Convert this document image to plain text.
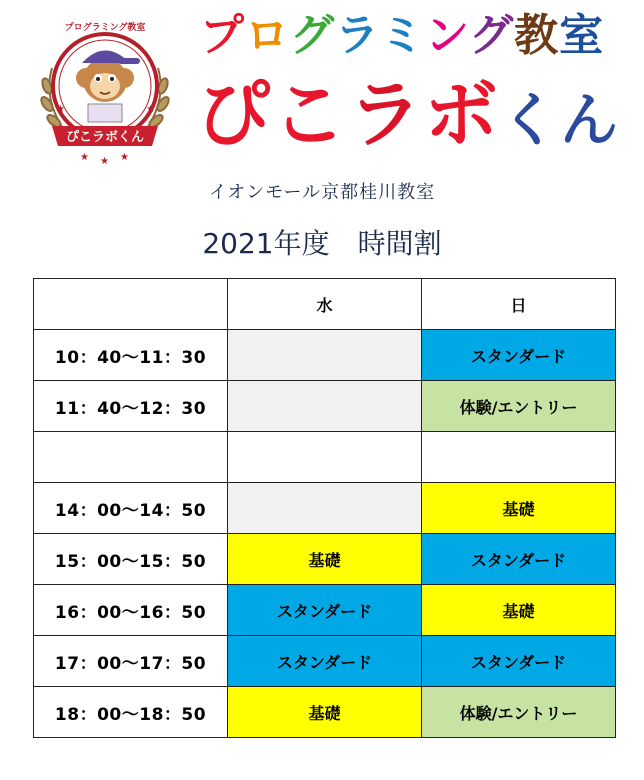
★	★
★
★	★
ぴこラボくん
プログラミング教室 プログラミング教室
ぴこラボくん
イオンモール京都桂川教室
2021年度　時間割
	水	日
10：40～11：30		スタンダード
11：40～12：30		体験/エントリー

14：00～14：50		基礎
15：00～15：50	基礎	スタンダード
16：00～16：50	スタンダード	基礎
17：00～17：50	スタンダード	スタンダード
18：00～18：50	基礎	体験/エントリー
